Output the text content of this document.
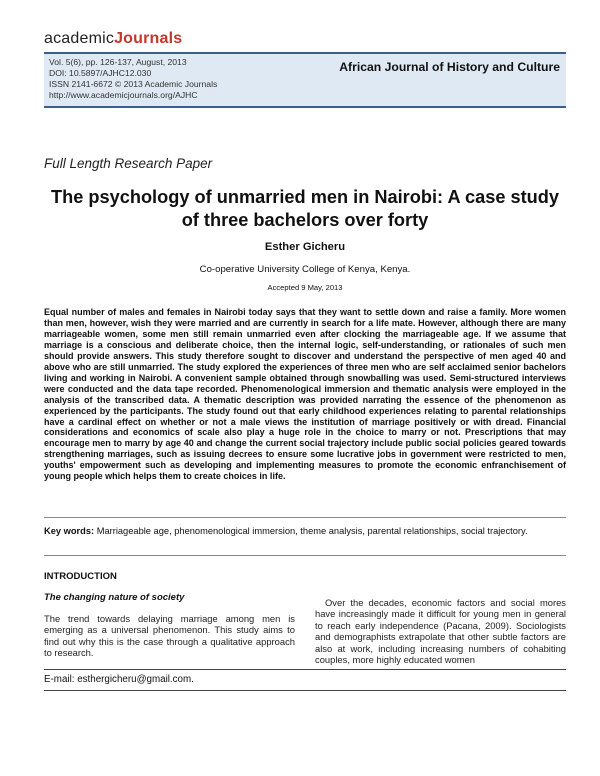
academicJournals
Vol. 5(6), pp. 126-137, August, 2013
DOI: 10.5897/AJHC12.030
ISSN 2141-6672 © 2013 Academic Journals
http://www.academicjournals.org/AJHC
African Journal of History and Culture
Full Length Research Paper
The psychology of unmarried men in Nairobi: A case study of three bachelors over forty
Esther Gicheru
Co-operative University College of Kenya, Kenya.
Accepted 9 May, 2013
Equal number of males and females in Nairobi today says that they want to settle down and raise a family. More women than men, however, wish they were married and are currently in search for a life mate. However, although there are many marriageable women, some men still remain unmarried even after clocking the marriageable age. If we assume that marriage is a conscious and deliberate choice, then the internal logic, self-understanding, or rationales of such men should provide answers. This study therefore sought to discover and understand the perspective of men aged 40 and above who are still unmarried. The study explored the experiences of three men who are self acclaimed senior bachelors living and working in Nairobi. A convenient sample obtained through snowballing was used. Semi-structured interviews were conducted and the data tape recorded. Phenomenological immersion and thematic analysis were employed in the analysis of the transcribed data. A thematic description was provided narrating the essence of the phenomenon as experienced by the participants. The study found out that early childhood experiences relating to parental relationships have a cardinal effect on whether or not a male views the institution of marriage positively or with dread. Financial considerations and economics of scale also play a huge role in the choice to marry or not. Prescriptions that may encourage men to marry by age 40 and change the current social trajectory include public social policies geared towards strengthening marriages, such as issuing decrees to ensure some lucrative jobs in government were restricted to men, youths' empowerment such as developing and implementing measures to promote the economic enfranchisement of young people which helps them to create choices in life.
Key words: Marriageable age, phenomenological immersion, theme analysis, parental relationships, social trajectory.
INTRODUCTION
The changing nature of society
The trend towards delaying marriage among men is emerging as a universal phenomenon. This study aims to find out why this is the case through a qualitative approach to research.
Over the decades, economic factors and social mores have increasingly made it difficult for young men in general to reach early independence (Pacana, 2009). Sociologists and demographists extrapolate that other subtle factors are also at work, including increasing numbers of cohabiting couples, more highly educated women
E-mail: esthergicheru@gmail.com.
